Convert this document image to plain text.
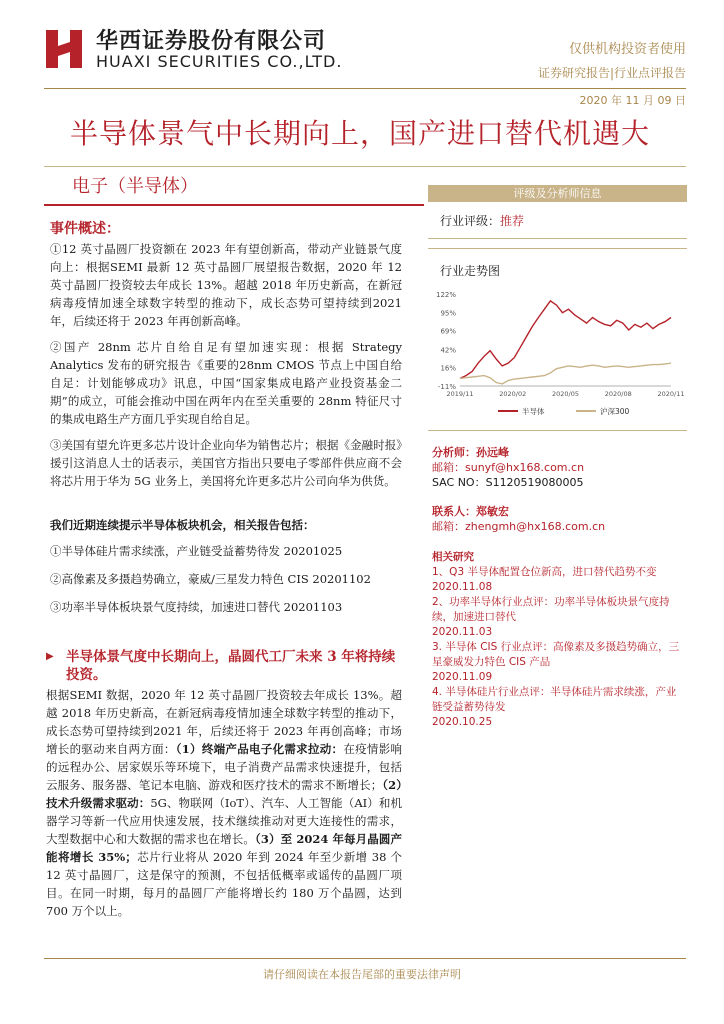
华西证券股份有限公司
HUAXI SECURITIES CO.,LTD.
仅供机构投资者使用
证券研究报告|行业点评报告
2020 年 11 月 09 日
半导体景气中长期向上，国产进口替代机遇大
电子（半导体）	评级及分析师信息
行业评级：推荐
行业走势图
122%
95%
69%
42%
16%
-11%
2019/11	2020/02	2020/05	2020/08	2020/11
半导体	沪深300
分析师：孙远峰
邮箱：sunyf@hx168.com.cn
SAC NO：S1120519080005
联系人：郑敏宏
邮箱：zhengmh@hx168.com.cn
相关研究
1、Q3 半导体配置仓位新高，进口替代趋势不变
2020.11.08
2、功率半导体行业点评：功率半导体板块景气度持续，加速进口替代
2020.11.03
3. 半导体 CIS 行业点评：高像素及多摄趋势确立，三星豪威发力特色 CIS 产品
2020.11.09
4. 半导体硅片行业点评：半导体硅片需求续涨，产业链受益蓄势待发
2020.10.25
事件概述：
①12 英寸晶圆厂投资额在 2023 年有望创新高，带动产业链景气度向上：根据SEMI 最新 12 英寸晶圆厂展望报告数据，2020 年 12 英寸晶圆厂投资较去年成长 13%。超越 2018 年历史新高，在新冠病毒疫情加速全球数字转型的推动下，成长态势可望持续到2021 年，后续还将于 2023 年再创新高峰。
②国产 28nm 芯片自给自足有望加速实现：根据 Strategy Analytics 发布的研究报告《重要的28nm CMOS 节点上中国自给自足：计划能够成功》讯息，中国“国家集成电路产业投资基金二期”的成立，可能会推动中国在两年内在至关重要的 28nm 特征尺寸的集成电路生产方面几乎实现自给自足。
③美国有望允许更多芯片设计企业向华为销售芯片；根据《金融时报》援引这消息人士的话表示，美国官方指出只要电子零部件供应商不会将芯片用于华为 5G 业务上，美国将允许更多芯片公司向华为供货。
我们近期连续提示半导体板块机会，相关报告包括：
①半导体硅片需求续涨，产业链受益蓄势待发 20201025
②高像素及多摄趋势确立，豪威/三星发力特色 CIS 20201102
③功率半导体板块景气度持续，加速进口替代 20201103
▶ 半导体景气度中长期向上，晶圆代工厂未来 3 年将持续投资。
根据SEMI 数据，2020 年 12 英寸晶圆厂投资较去年成长 13%。超越 2018 年历史新高，在新冠病毒疫情加速全球数字转型的推动下，成长态势可望持续到2021 年，后续还将于 2023 年再创高峰；市场增长的驱动来自两方面：（1）终端产品电子化需求拉动：在疫情影响的远程办公、居家娱乐等环境下，电子消费产品需求快速提升，包括云服务、服务器、笔记本电脑、游戏和医疗技术的需求不断增长；（2）技术升级需求驱动：5G、物联网（IoT）、汽车、人工智能（AI）和机器学习等新一代应用快速发展，技术继续推动对更大连接性的需求，大型数据中心和大数据的需求也在增长。（3）至 2024 年每月晶圆产能将增长 35%；芯片行业将从 2020 年到 2024 年至少新增 38 个 12 英寸晶圆厂，这是保守的预测，不包括低概率或谣传的晶圆厂项目。在同一时期，每月的晶圆厂产能将增长约 180 万个晶圆，达到 700 万个以上。
请仔细阅读在本报告尾部的重要法律声明
